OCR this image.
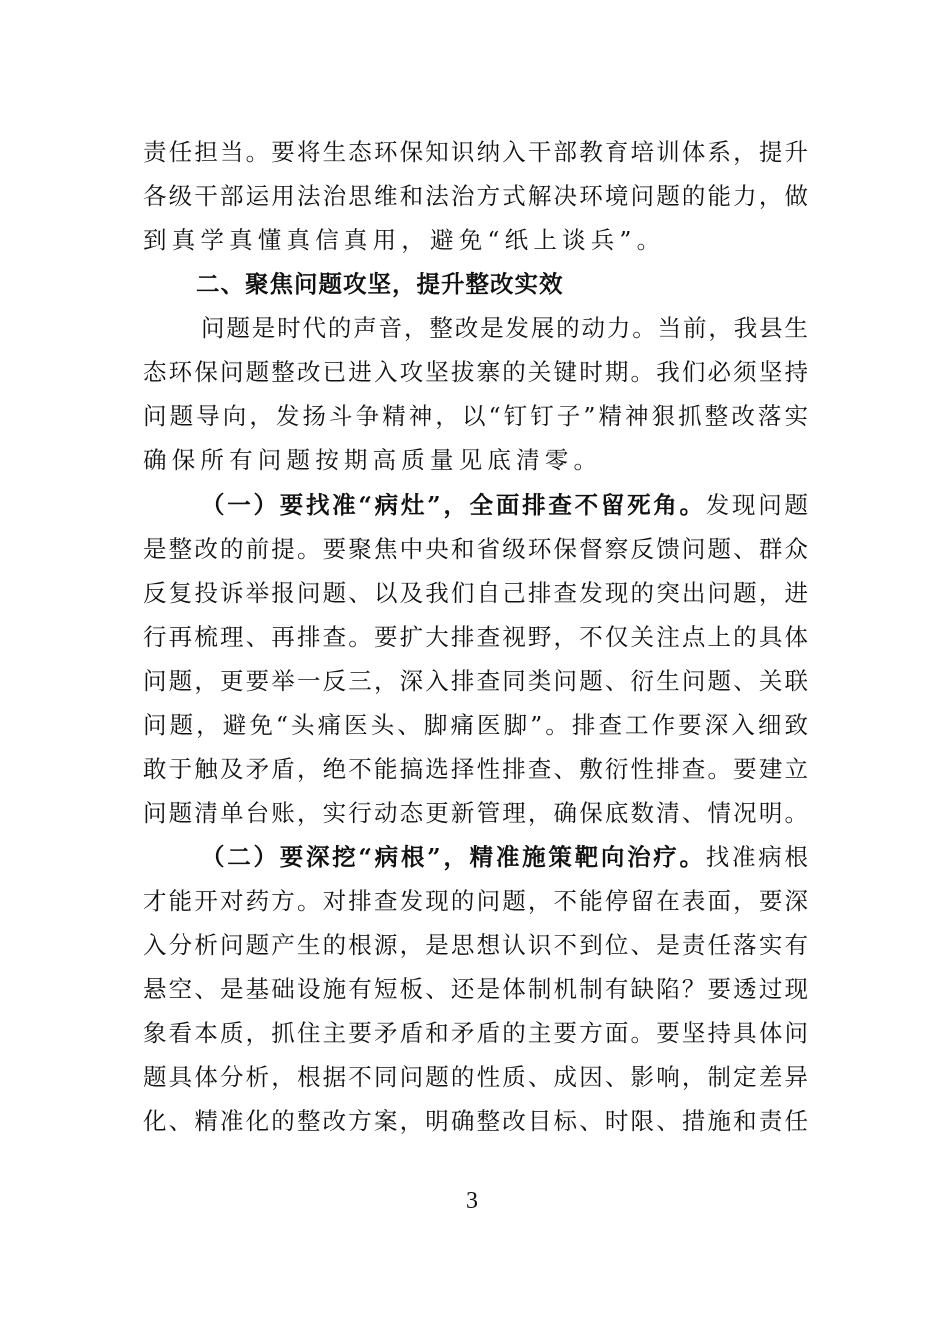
责任担当。要将生态环保知识纳入干部教育培训体系，提升
各级干部运用法治思维和法治方式解决环境问题的能力，做
到真学真懂真信真用，避免“纸上谈兵”。
二、聚焦问题攻坚，提升整改实效
问题是时代的声音，整改是发展的动力。当前，我县生
态环保问题整改已进入攻坚拔寨的关键时期。我们必须坚持
问题导向，发扬斗争精神，以“钉钉子”精神狠抓整改落实
确保所有问题按期高质量见底清零。
（一）要找准“病灶”，全面排查不留死角。发现问题
是整改的前提。要聚焦中央和省级环保督察反馈问题、群众
反复投诉举报问题、以及我们自己排查发现的突出问题，进
行再梳理、再排查。要扩大排查视野，不仅关注点上的具体
问题，更要举一反三，深入排查同类问题、衍生问题、关联
问题，避免“头痛医头、脚痛医脚”。排查工作要深入细致
敢于触及矛盾，绝不能搞选择性排查、敷衍性排查。要建立
问题清单台账，实行动态更新管理，确保底数清、情况明。
（二）要深挖“病根”，精准施策靶向治疗。找准病根
才能开对药方。对排查发现的问题，不能停留在表面，要深
入分析问题产生的根源，是思想认识不到位、是责任落实有
悬空、是基础设施有短板、还是体制机制有缺陷？要透过现
象看本质，抓住主要矛盾和矛盾的主要方面。要坚持具体问
题具体分析，根据不同问题的性质、成因、影响，制定差异
化、精准化的整改方案，明确整改目标、时限、措施和责任
3
